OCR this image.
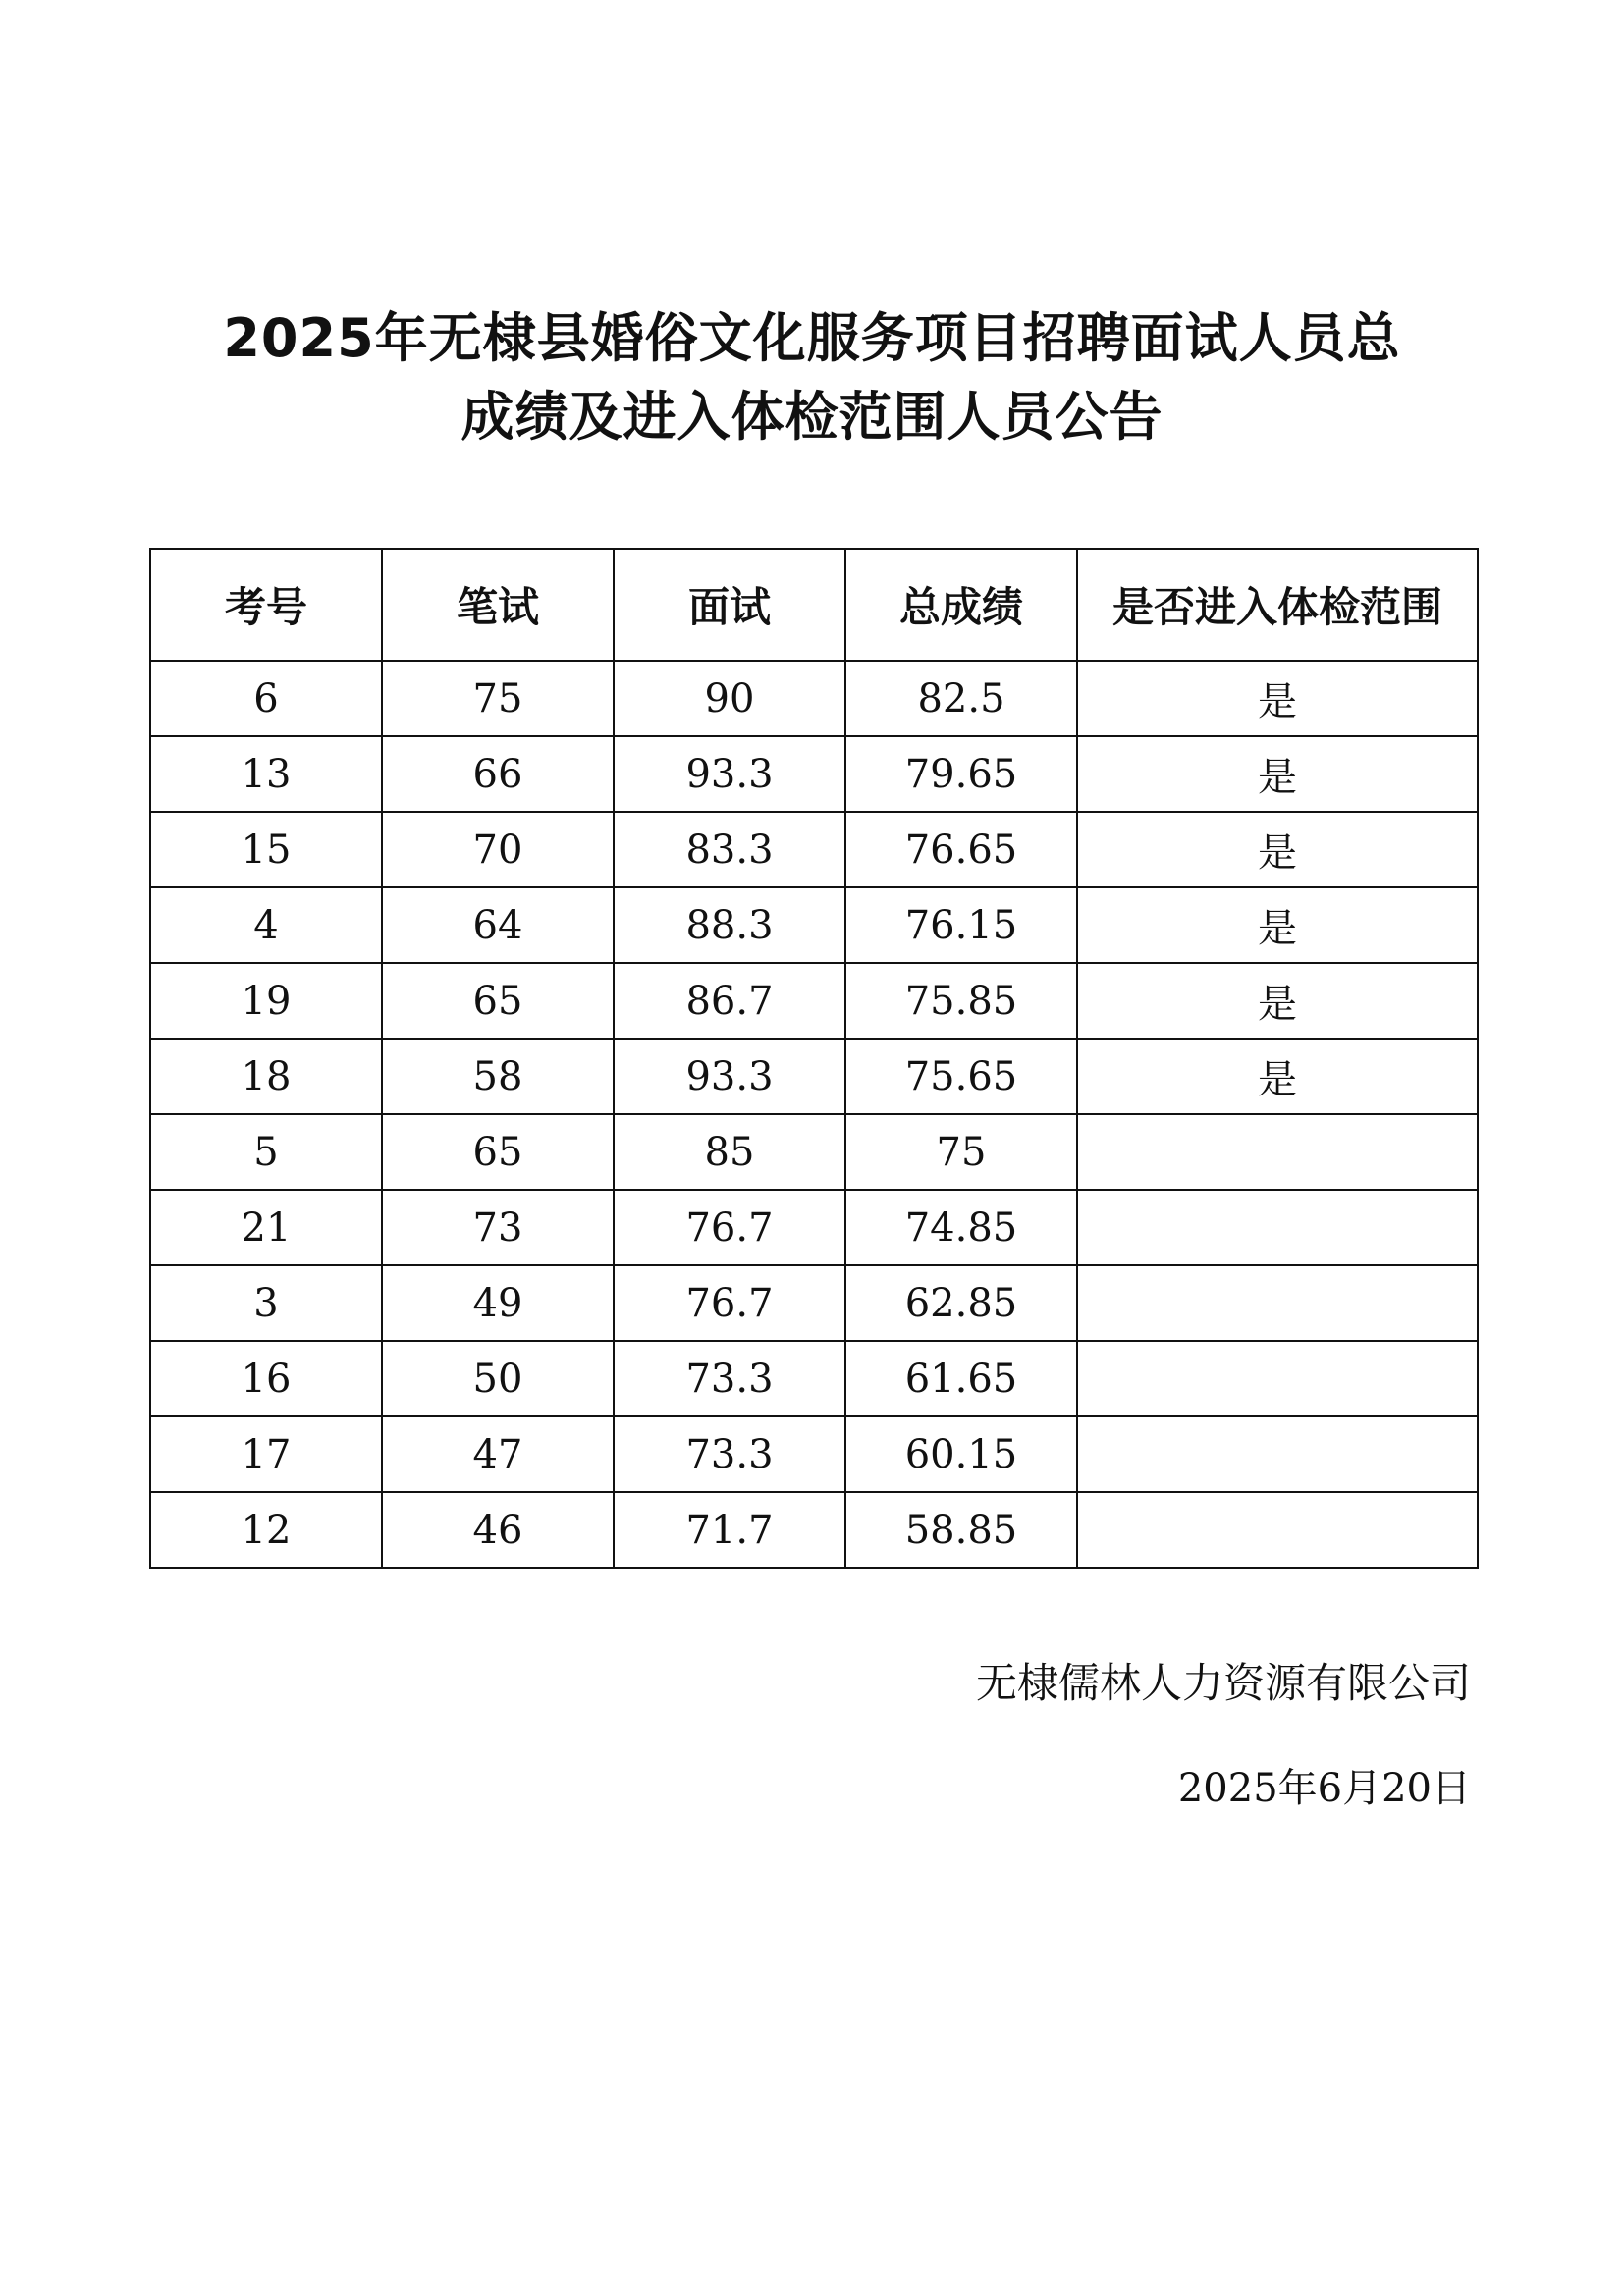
2025年无棣县婚俗文化服务项目招聘面试人员总
成绩及进入体检范围人员公告
考号	笔试	面试	总成绩	是否进入体检范围
6	75	90	82.5	是
13	66	93.3	79.65	是
15	70	83.3	76.65	是
4	64	88.3	76.15	是
19	65	86.7	75.85	是
18	58	93.3	75.65	是
5	65	85	75	
21	73	76.7	74.85	
3	49	76.7	62.85	
16	50	73.3	61.65	
17	47	73.3	60.15	
12	46	71.7	58.85	
无棣儒林人力资源有限公司
2025年6月20日
